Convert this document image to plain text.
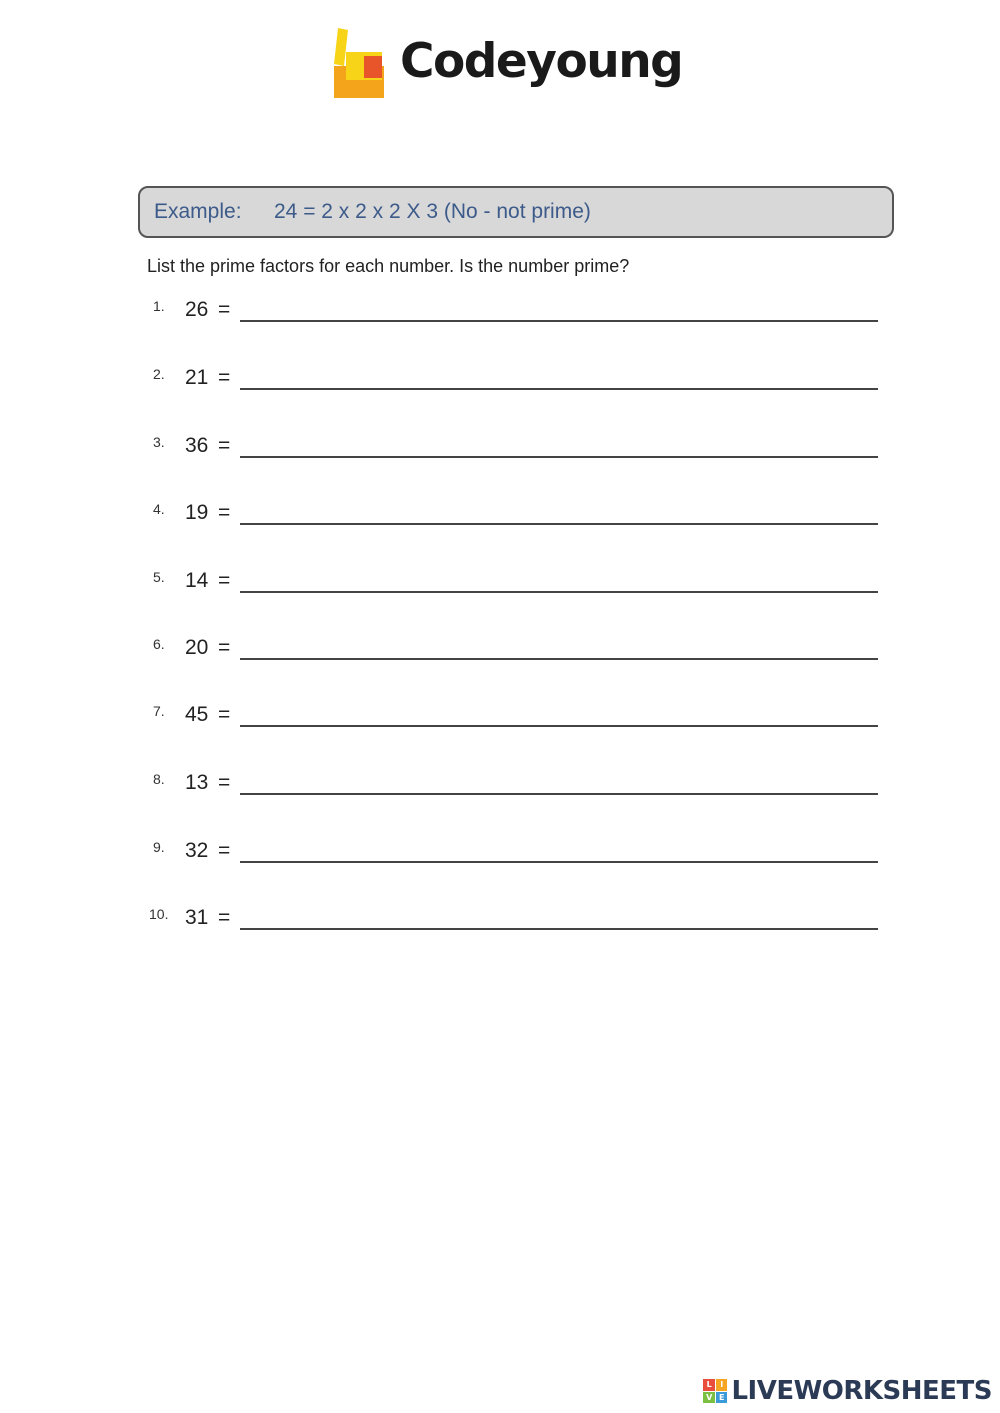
Codeyoung
Example:	24 = 2 x 2 x 2 X 3 (No - not prime)
List the prime factors for each number. Is the number prime?
1. 26 =
2. 21 =
3. 36 =
4. 19 =
5. 14 =
6. 20 =
7. 45 =
8. 13 =
9. 32 =
10. 31 =
L	I
V E LIVEWORKSHEETS
